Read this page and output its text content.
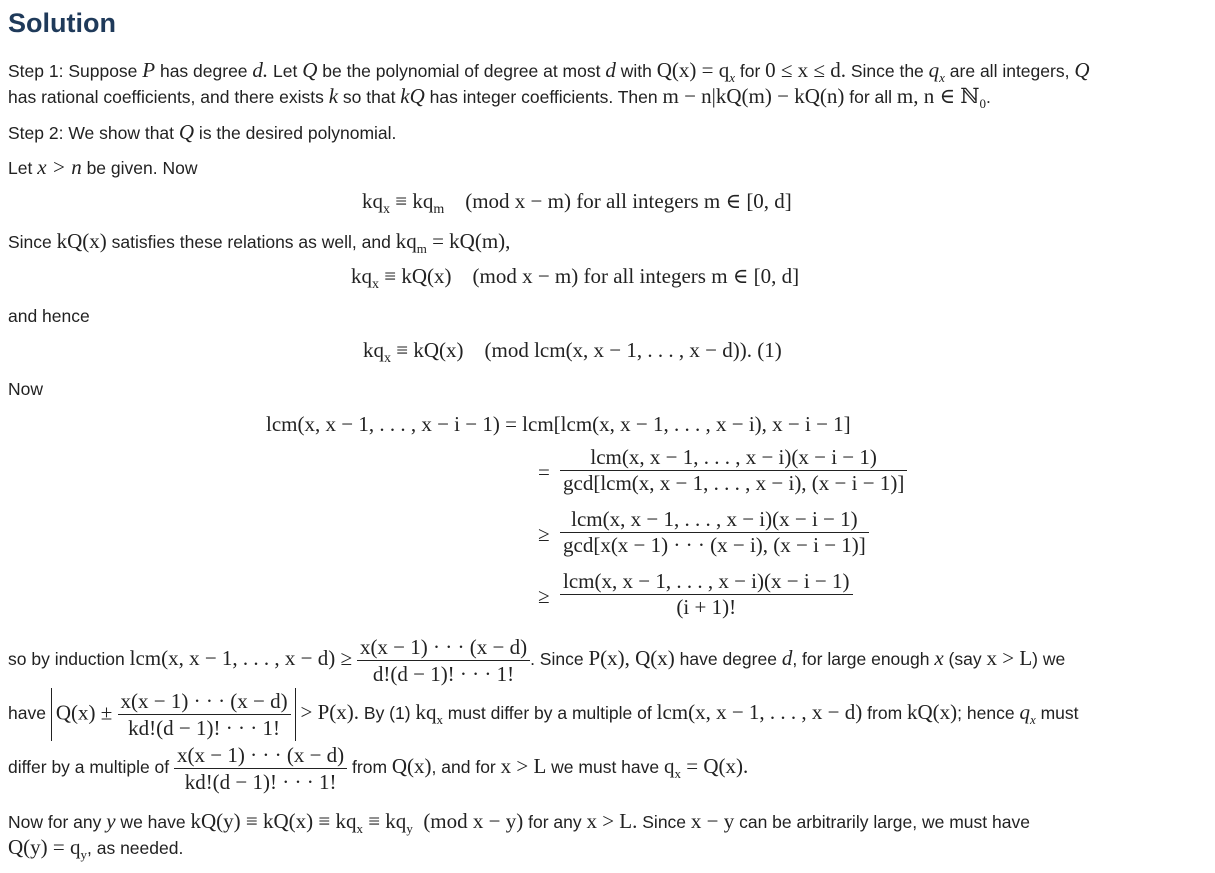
Solution
Step 1: Suppose P has degree d. Let Q be the polynomial of degree at most d with $Q(x) = q_x$ for 0 ≤ x ≤ d. Since the $q_x$ are all integers, Q
has rational coefficients, and there exists k so that kQ has integer coefficients. Then m − n|kQ(m) − kQ(n) for all m, n ∈ ℕ$_0$.
Step 2: We show that Q is the desired polynomial.
Let x > n be given. Now
$kq_x \equiv kq_m$    (mod x − m) for all integers m ∈ [0, d]
Since kQ(x) satisfies these relations as well, and $kq_m = kQ(m)$,
$kq_x \equiv kQ(x)$    (mod x − m) for all integers m ∈ [0, d]
and hence
$kq_x \equiv kQ(x)$    (mod lcm(x, x − 1, . . . , x − d)). (1)
Now
lcm(x, x − 1, . . . , x − i − 1) = lcm[lcm(x, x − 1, . . . , x − i), x − i − 1]
=
lcm(x, x − 1, . . . , x − i)(x − i − 1)
gcd[lcm(x, x − 1, . . . , x − i), (x − i − 1)]
≥
lcm(x, x − 1, . . . , x − i)(x − i − 1)
gcd[x(x − 1) · · · (x − i), (x − i − 1)]
≥
lcm(x, x − 1, . . . , x − i)(x − i − 1)
(i + 1)!
so by induction lcm(x, x − 1, . . . , $x - d) \ge \frac{x(x - 1) \cdot \cdot \cdot (x - d)}{d!(d - 1)! \cdot \cdot \cdot 1!}$ . Since P(x), Q(x) have degree d, for large enough x (say x > L) we
have $Q(x) \pm \frac{x(x - 1) \cdot \cdot \cdot (x - d)}{kd!(d - 1)! \cdot \cdot \cdot 1!} > P(x)$. By (1) $kq_x$ must differ by a multiple of lcm(x, x − 1, . . . , x − d) from kQ(x); hence $q_x$ must
differ by a multiple of $\frac{x(x - 1) \cdot \cdot \cdot (x - d)}{kd!(d - 1)! \cdot \cdot \cdot 1!}$ from Q(x), and for x > L we must have $q_x = Q(x)$.
Now for any y we have $kQ(y) \equiv kQ(x) \equiv kq_x \equiv kq_y$  (mod x − y) for any x > L. Since x − y can be arbitrarily large, we must have
$Q(y) = q_y$, as needed.
